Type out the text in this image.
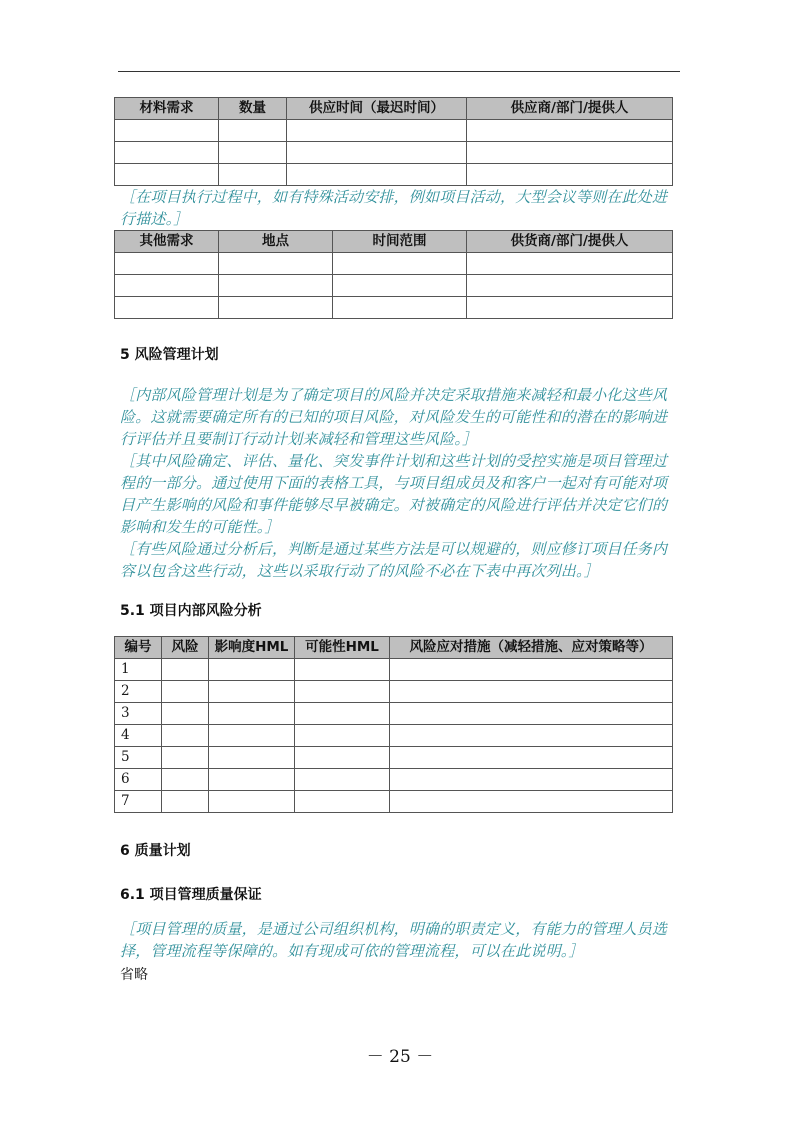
材料需求	数量	供应时间（最迟时间）	供应商/部门/提供人

［在项目执行过程中，如有特殊活动安排，例如项目活动，大型会议等则在此处进行描述。］
其他需求	地点	时间范围	供货商/部门/提供人

5 风险管理计划
［内部风险管理计划是为了确定项目的风险并决定采取措施来减轻和最小化这些风险。这就需要确定所有的已知的项目风险，对风险发生的可能性和的潜在的影响进行评估并且要制订行动计划来减轻和管理这些风险。］
［其中风险确定、评估、量化、突发事件计划和这些计划的受控实施是项目管理过程的一部分。通过使用下面的表格工具，与项目组成员及和客户一起对有可能对项目产生影响的风险和事件能够尽早被确定。对被确定的风险进行评估并决定它们的影响和发生的可能性。］
［有些风险通过分析后，判断是通过某些方法是可以规避的，则应修订项目任务内容以包含这些行动，这些以采取行动了的风险不必在下表中再次列出。］
5.1 项目内部风险分析
编号	风险	影响度HML	可能性HML	风险应对措施（减轻措施、应对策略等）
1				
2				
3				
4				
5				
6				
7				
6 质量计划
6.1 项目管理质量保证
［项目管理的质量，是通过公司组织机构，明确的职责定义，有能力的管理人员选择，管理流程等保障的。如有现成可依的管理流程，可以在此说明。］
省略
－ 25 －
